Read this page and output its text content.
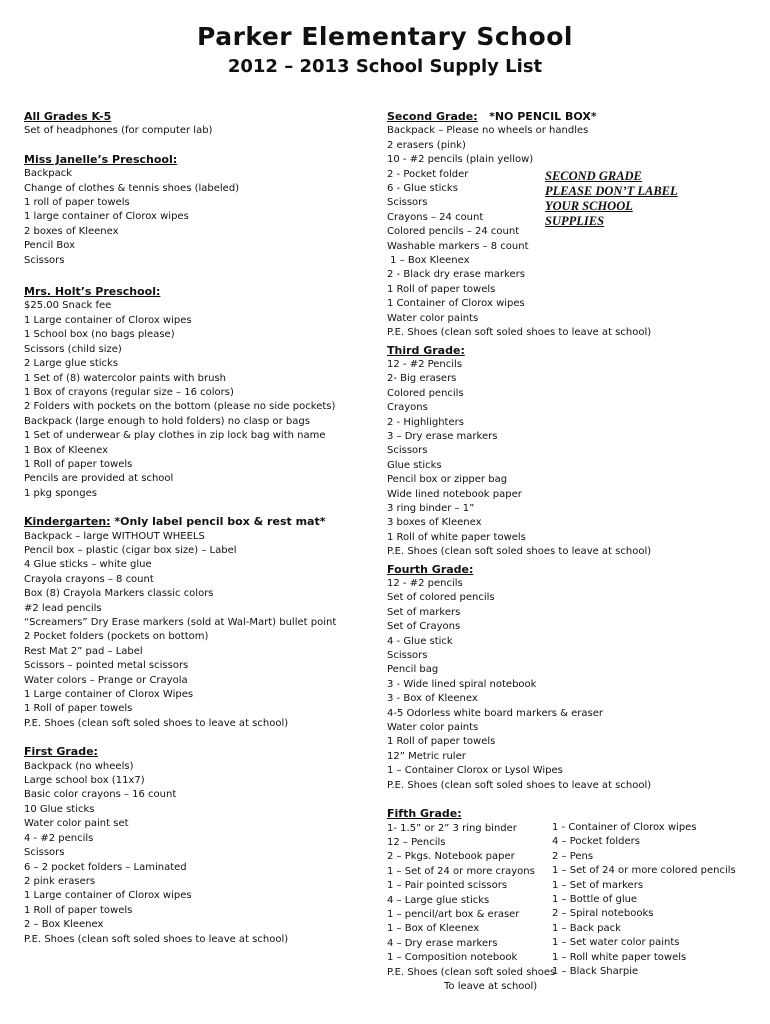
Parker Elementary School
2012 – 2013 School Supply List
All Grades K-5
Set of headphones (for computer lab)
Miss Janelle’s Preschool:
Backpack
Change of clothes & tennis shoes (labeled)
1 roll of paper towels
1 large container of Clorox wipes
2 boxes of Kleenex
Pencil Box
Scissors
Mrs. Holt’s Preschool:
$25.00 Snack fee
1 Large container of Clorox wipes
1 School box (no bags please)
Scissors (child size)
2 Large glue sticks
1 Set of (8) watercolor paints with brush
1 Box of crayons (regular size – 16 colors)
2 Folders with pockets on the bottom (please no side pockets)
Backpack (large enough to hold folders) no clasp or bags
1 Set of underwear & play clothes in zip lock bag with name
1 Box of Kleenex
1 Roll of paper towels
Pencils are provided at school
1 pkg sponges
Kindergarten: *Only label pencil box & rest mat*
Backpack – large WITHOUT WHEELS
Pencil box – plastic (cigar box size) – Label
4 Glue sticks – white glue
Crayola crayons – 8 count
Box (8) Crayola Markers classic colors
#2 lead pencils
“Screamers” Dry Erase markers (sold at Wal-Mart) bullet point
2 Pocket folders (pockets on bottom)
Rest Mat 2” pad – Label
Scissors – pointed metal scissors
Water colors – Prange or Crayola
1 Large container of Clorox Wipes
1 Roll of paper towels
P.E. Shoes (clean soft soled shoes to leave at school)
First Grade:
Backpack (no wheels)
Large school box (11x7)
Basic color crayons – 16 count
10 Glue sticks
Water color paint set
4 - #2 pencils
Scissors
6 – 2 pocket folders – Laminated
2 pink erasers
1 Large container of Clorox wipes
1 Roll of paper towels
2 – Box Kleenex
P.E. Shoes (clean soft soled shoes to leave at school)
Second Grade:   *NO PENCIL BOX*
Backpack – Please no wheels or handles
2 erasers (pink)
10 - #2 pencils (plain yellow)
2 - Pocket folder
6 - Glue sticks
Scissors
Crayons – 24 count
Colored pencils – 24 count
Washable markers – 8 count
1 – Box Kleenex
2 - Black dry erase markers
1 Roll of paper towels
1 Container of Clorox wipes
Water color paints
P.E. Shoes (clean soft soled shoes to leave at school)
Third Grade:
12 - #2 Pencils
2- Big erasers
Colored pencils
Crayons
2 - Highlighters
3 – Dry erase markers
Scissors
Glue sticks
Pencil box or zipper bag
Wide lined notebook paper
3 ring binder – 1”
3 boxes of Kleenex
1 Roll of white paper towels
P.E. Shoes (clean soft soled shoes to leave at school)
Fourth Grade:
12 - #2 pencils
Set of colored pencils
Set of markers
Set of Crayons
4 - Glue stick
Scissors
Pencil bag
3 - Wide lined spiral notebook
3 - Box of Kleenex
4-5 Odorless white board markers & eraser
Water color paints
1 Roll of paper towels
12” Metric ruler
1 – Container Clorox or Lysol Wipes
P.E. Shoes (clean soft soled shoes to leave at school)
Fifth Grade:
1- 1.5” or 2” 3 ring binder
12 – Pencils
2 – Pkgs. Notebook paper
1 – Set of 24 or more crayons
1 – Pair pointed scissors
4 – Large glue sticks
1 – pencil/art box & eraser
1 – Box of Kleenex
4 – Dry erase markers
1 – Composition notebook
P.E. Shoes (clean soft soled shoes
To leave at school)
SECOND GRADE
PLEASE DON’T LABEL
YOUR SCHOOL
SUPPLIES
1 - Container of Clorox wipes
4 – Pocket folders
2 – Pens
1 – Set of 24 or more colored pencils
1 – Set of markers
1 – Bottle of glue
2 – Spiral notebooks
1 – Back pack
1 – Set water color paints
1 – Roll white paper towels
1 – Black Sharpie
